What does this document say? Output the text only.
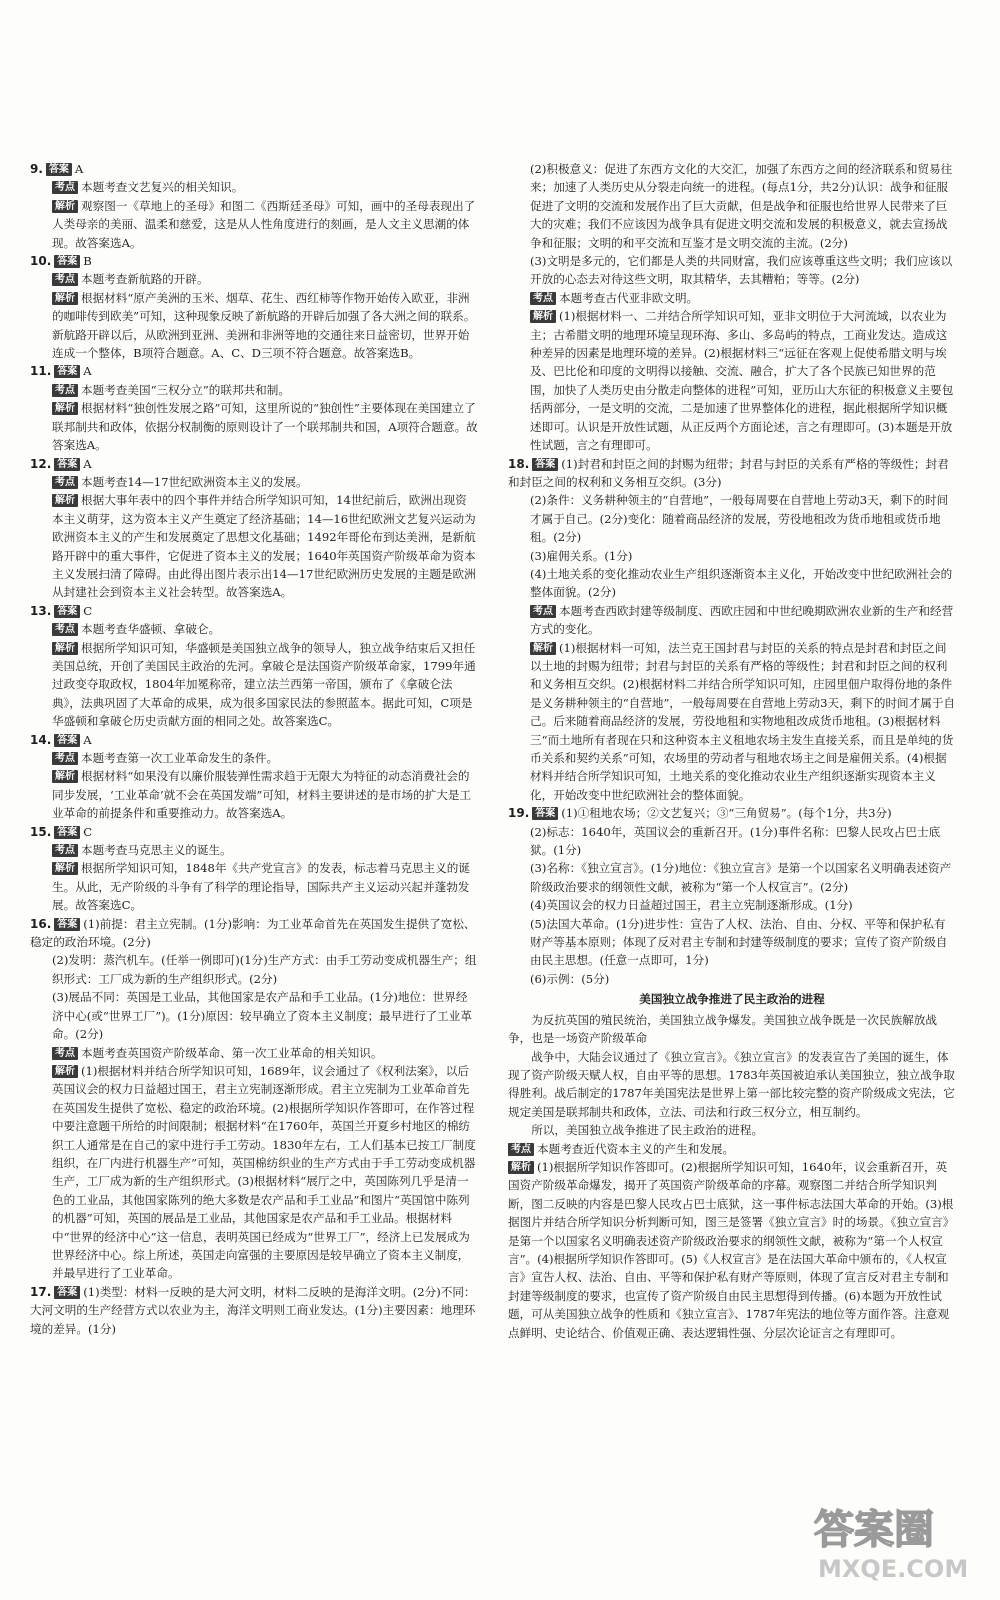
9. 答案 A

考点 本题考查文艺复兴的相关知识。

解析 观察图一《草地上的圣母》和图二《西斯廷圣母》可知，画中的圣母表现出了人类母亲的美丽、温柔和慈爱，这是从人性角度进行的刻画，是人文主义思潮的体现。故答案选A。

10. 答案 B

考点 本题考查新航路的开辟。

解析 根据材料“原产美洲的玉米、烟草、花生、西红柿等作物开始传入欧亚，非洲的咖啡传到欧美”可知，这种现象反映了新航路的开辟后加强了各大洲之间的联系。新航路开辟以后，从欧洲到亚洲、美洲和非洲等地的交通往来日益密切，世界开始连成一个整体，B项符合题意。A、C、D三项不符合题意。故答案选B。

11. 答案 A

考点 本题考查美国“三权分立”的联邦共和制。

解析 根据材料“独创性发展之路”可知，这里所说的“独创性”主要体现在美国建立了联邦制共和政体，依据分权制衡的原则设计了一个联邦制共和国，A项符合题意。故答案选A。

12. 答案 A

考点 本题考查14—17世纪欧洲资本主义的发展。

解析 根据大事年表中的四个事件并结合所学知识可知，14世纪前后，欧洲出现资本主义萌芽，这为资本主义产生奠定了经济基础；14—16世纪欧洲文艺复兴运动为欧洲资本主义的产生和发展奠定了思想文化基础；1492年哥伦布到达美洲，是新航路开辟中的重大事件，它促进了资本主义的发展；1640年英国资产阶级革命为资本主义发展扫清了障碍。由此得出图片表示出14—17世纪欧洲历史发展的主题是欧洲从封建社会到资本主义社会转型。故答案选A。

13. 答案 C

考点 本题考查华盛顿、拿破仑。

解析 根据所学知识可知，华盛顿是美国独立战争的领导人，独立战争结束后又担任美国总统，开创了美国民主政治的先河。拿破仑是法国资产阶级革命家，1799年通过政变夺取政权，1804年加冕称帝，建立法兰西第一帝国，颁布了《拿破仑法典》，法典巩固了大革命的成果，成为很多国家民法的参照蓝本。据此可知，C项是华盛顿和拿破仑历史贡献方面的相同之处。故答案选C。

14. 答案 A

考点 本题考查第一次工业革命发生的条件。

解析 根据材料“如果没有以廉价服装弹性需求趋于无限大为特征的动态消费社会的同步发展，‘工业革命’就不会在英国发端”可知，材料主要讲述的是市场的扩大是工业革命的前提条件和重要推动力。故答案选A。

15. 答案 C

考点 本题考查马克思主义的诞生。

解析 根据所学知识可知，1848年《共产党宣言》的发表，标志着马克思主义的诞生。从此，无产阶级的斗争有了科学的理论指导，国际共产主义运动兴起并蓬勃发展。故答案选C。

16. 答案 (1)前提：君主立宪制。(1分)影响：为工业革命首先在英国发生提供了宽松、稳定的政治环境。(2分)

(2)发明：蒸汽机车。(任举一例即可)(1分)生产方式：由手工劳动变成机器生产；组织形式：工厂成为新的生产组织形式。(2分)

(3)展品不同：英国是工业品，其他国家是农产品和手工业品。(1分)地位：世界经济中心(或“世界工厂”)。(1分)原因：较早确立了资本主义制度；最早进行了工业革命。(2分)

考点 本题考查英国资产阶级革命、第一次工业革命的相关知识。

解析 (1)根据材料并结合所学知识可知，1689年，议会通过了《权利法案》，以后英国议会的权力日益超过国王，君主立宪制逐渐形成。君主立宪制为工业革命首先在英国发生提供了宽松、稳定的政治环境。(2)根据所学知识作答即可，在作答过程中要注意题干所给的时间限制；根据材料“在1760年，英国兰开夏乡村地区的棉纺织工人通常是在自己的家中进行手工劳动。1830年左右，工人们基本已按工厂制度组织，在厂内进行机器生产”可知，英国棉纺织业的生产方式由于手工劳动变成机器生产，工厂成为新的生产组织形式。(3)根据材料“展厅之中，英国陈列几乎是清一色的工业品，其他国家陈列的绝大多数是农产品和手工业品”和图片“英国馆中陈列的机器”可知，英国的展品是工业品，其他国家是农产品和手工业品。根据材料中“世界的经济中心”这一信息，表明英国已经成为“世界工厂”，经济上已发展成为世界经济中心。综上所述，英国走向富强的主要原因是较早确立了资本主义制度，并最早进行了工业革命。

17. 答案 (1)类型：材料一反映的是大河文明，材料二反映的是海洋文明。(2分)不同：大河文明的生产经营方式以农业为主，海洋文明则工商业发达。(1分)主要因素：地理环境的差异。(1分)

(2)积极意义：促进了东西方文化的大交汇，加强了东西方之间的经济联系和贸易往来；加速了人类历史从分裂走向统一的进程。(每点1分，共2分)认识：战争和征服促进了文明的交流和发展作出了巨大贡献，但是战争和征服也给世界人民带来了巨大的灾难；我们不应该因为战争具有促进文明交流和发展的积极意义，就去宣扬战争和征服；文明的和平交流和互鉴才是文明交流的主流。(2分)

(3)文明是多元的，它们都是人类的共同财富，我们应该尊重这些文明；我们应该以开放的心态去对待这些文明，取其精华，去其糟粕；等等。(2分)

考点 本题考查古代亚非欧文明。

解析 (1)根据材料一、二并结合所学知识可知，亚非文明位于大河流域，以农业为主；古希腊文明的地理环境呈现环海、多山、多岛屿的特点，工商业发达。造成这种差异的因素是地理环境的差异。(2)根据材料三“远征在客观上促使希腊文明与埃及、巴比伦和印度的文明得以接触、交流、融合，扩大了各个民族已知世界的范围，加快了人类历史由分散走向整体的进程”可知，亚历山大东征的积极意义主要包括两部分，一是文明的交流，二是加速了世界整体化的进程，据此根据所学知识概述即可。认识是开放性试题，从正反两个方面论述，言之有理即可。(3)本题是开放性试题，言之有理即可。

18. 答案 (1)封君和封臣之间的封赐为纽带；封君与封臣的关系有严格的等级性；封君和封臣之间的权利和义务相互交织。(3分)

(2)条件：义务耕种领主的“自营地”，一般每周要在自营地上劳动3天，剩下的时间才属于自己。(2分)变化：随着商品经济的发展，劳役地租改为货币地租或货币地租。(2分)

(3)雇佣关系。(1分)

(4)土地关系的变化推动农业生产组织逐渐资本主义化，开始改变中世纪欧洲社会的整体面貌。(2分)

考点 本题考查西欧封建等级制度、西欧庄园和中世纪晚期欧洲农业新的生产和经营方式的变化。

解析 (1)根据材料一可知，法兰克王国封君与封臣的关系的特点是封君和封臣之间以土地的封赐为纽带；封君与封臣的关系有严格的等级性；封君和封臣之间的权利和义务相互交织。(2)根据材料二并结合所学知识可知，庄园里佃户取得份地的条件是义务耕种领主的“自营地”，一般每周要在自营地上劳动3天，剩下的时间才属于自己。后来随着商品经济的发展，劳役地租和实物地租改成货币地租。(3)根据材料三“而土地所有者现在只和这种资本主义租地农场主发生直接关系，而且是单纯的货币关系和契约关系”可知，农场里的劳动者与租地农场主之间是雇佣关系。(4)根据材料并结合所学知识可知，土地关系的变化推动农业生产组织逐渐实现资本主义化，开始改变中世纪欧洲社会的整体面貌。

19. 答案 (1)①租地农场；②文艺复兴；③“三角贸易”。(每个1分，共3分)

(2)标志：1640年，英国议会的重新召开。(1分)事件名称：巴黎人民攻占巴士底狱。(1分)

(3)名称：《独立宣言》。(1分)地位：《独立宣言》是第一个以国家名义明确表述资产阶级政治要求的纲领性文献，被称为“第一个人权宣言”。(2分)

(4)英国议会的权力日益超过国王，君主立宪制逐渐形成。(1分)

(5)法国大革命。(1分)进步性：宣告了人权、法治、自由、分权、平等和保护私有财产等基本原则；体现了反对君主专制和封建等级制度的要求；宣传了资产阶级自由民主思想。(任意一点即可，1分)

(6)示例：(5分)

美国独立战争推进了民主政治的进程

为反抗英国的殖民统治，美国独立战争爆发。美国独立战争既是一次民族解放战争，也是一场资产阶级革命

战争中，大陆会议通过了《独立宣言》。《独立宣言》的发表宣告了美国的诞生，体现了资产阶级天赋人权，自由平等的思想。1783年英国被迫承认美国独立，独立战争取得胜利。战后制定的1787年美国宪法是世界上第一部比较完整的资产阶级成文宪法，它规定美国是联邦制共和政体，立法、司法和行政三权分立，相互制约。

所以，美国独立战争推进了民主政治的进程。

考点 本题考查近代资本主义的产生和发展。

解析 (1)根据所学知识作答即可。(2)根据所学知识可知，1640年，议会重新召开，英国资产阶级革命爆发，揭开了英国资产阶级革命的序幕。观察图二并结合所学知识判断，图二反映的内容是巴黎人民攻占巴士底狱，这一事件标志法国大革命的开始。(3)根据图片并结合所学知识分析判断可知，图三是签署《独立宣言》时的场景。《独立宣言》是第一个以国家名义明确表述资产阶级政治要求的纲领性文献，被称为“第一个人权宣言”。(4)根据所学知识作答即可。(5)《人权宣言》是在法国大革命中颁布的，《人权宣言》宣告人权、法治、自由、平等和保护私有财产等原则，体现了宣言反对君主专制和封建等级制度的要求，也宣传了资产阶级自由民主思想得到传播。(6)本题为开放性试题，可从美国独立战争的性质和《独立宣言》、1787年宪法的地位等方面作答。注意观点鲜明、史论结合、价值观正确、表达逻辑性强、分层次论证言之有理即可。

答案圈
MXQE.COM
